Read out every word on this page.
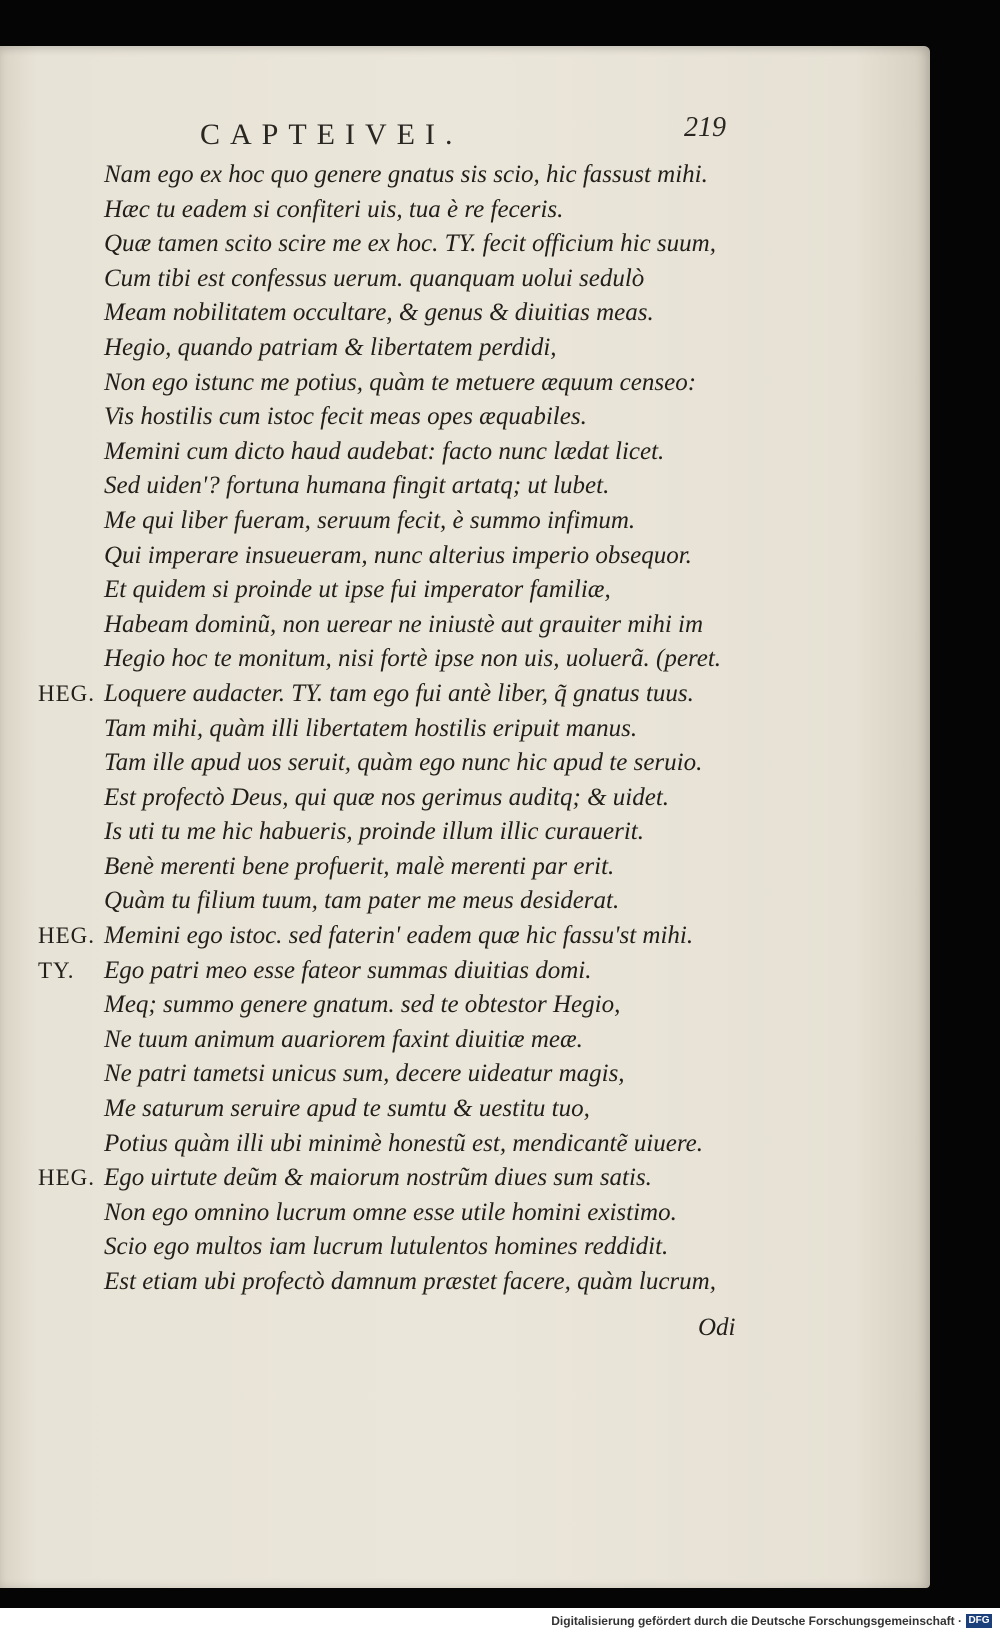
CAPTEIVEI.	219
Nam ego ex hoc quo genere gnatus sis scio, hic fassust mihi.
Hæc tu eadem si confiteri uis, tua è re feceris.
Quæ tamen scito scire me ex hoc. TY. fecit officium hic suum,
Cum tibi est confessus uerum. quanquam uolui sedulò
Meam nobilitatem occultare, & genus & diuitias meas.
Hegio, quando patriam & libertatem perdidi,
Non ego istunc me potius, quàm te metuere æquum censeo:
Vis hostilis cum istoc fecit meas opes æquabiles.
Memini cum dicto haud audebat: facto nunc lædat licet.
Sed uiden'? fortuna humana fingit artatq; ut lubet.
Me qui liber fueram, seruum fecit, è summo infimum.
Qui imperare insueueram, nunc alterius imperio obsequor.
Et quidem si proinde ut ipse fui imperator familiæ,
Habeam dominũ, non uerear ne iniustè aut grauiter mihi im
Hegio hoc te monitum, nisi fortè ipse non uis, uoluerã. (peret.
HEG. Loquere audacter. TY. tam ego fui antè liber, q̃ gnatus tuus.
Tam mihi, quàm illi libertatem hostilis eripuit manus.
Tam ille apud uos seruit, quàm ego nunc hic apud te seruio.
Est profectò Deus, qui quæ nos gerimus auditq; & uidet.
Is uti tu me hic habueris, proinde illum illic curauerit.
Benè merenti bene profuerit, malè merenti par erit.
Quàm tu filium tuum, tam pater me meus desiderat.
HEG. Memini ego istoc. sed faterin' eadem quæ hic fassu'st mihi.
TY. Ego patri meo esse fateor summas diuitias domi.
Meq; summo genere gnatum. sed te obtestor Hegio,
Ne tuum animum auariorem faxint diuitiæ meæ.
Ne patri tametsi unicus sum, decere uideatur magis,
Me saturum seruire apud te sumtu & uestitu tuo,
Potius quàm illi ubi minimè honestũ est, mendicantẽ uiuere.
HEG. Ego uirtute deũm & maiorum nostrũm diues sum satis.
Non ego omnino lucrum omne esse utile homini existimo.
Scio ego multos iam lucrum lutulentos homines reddidit.
Est etiam ubi profectò damnum præstet facere, quàm lucrum,
Odi
Digitalisierung gefördert durch die Deutsche Forschungsgemeinschaft · DFG
